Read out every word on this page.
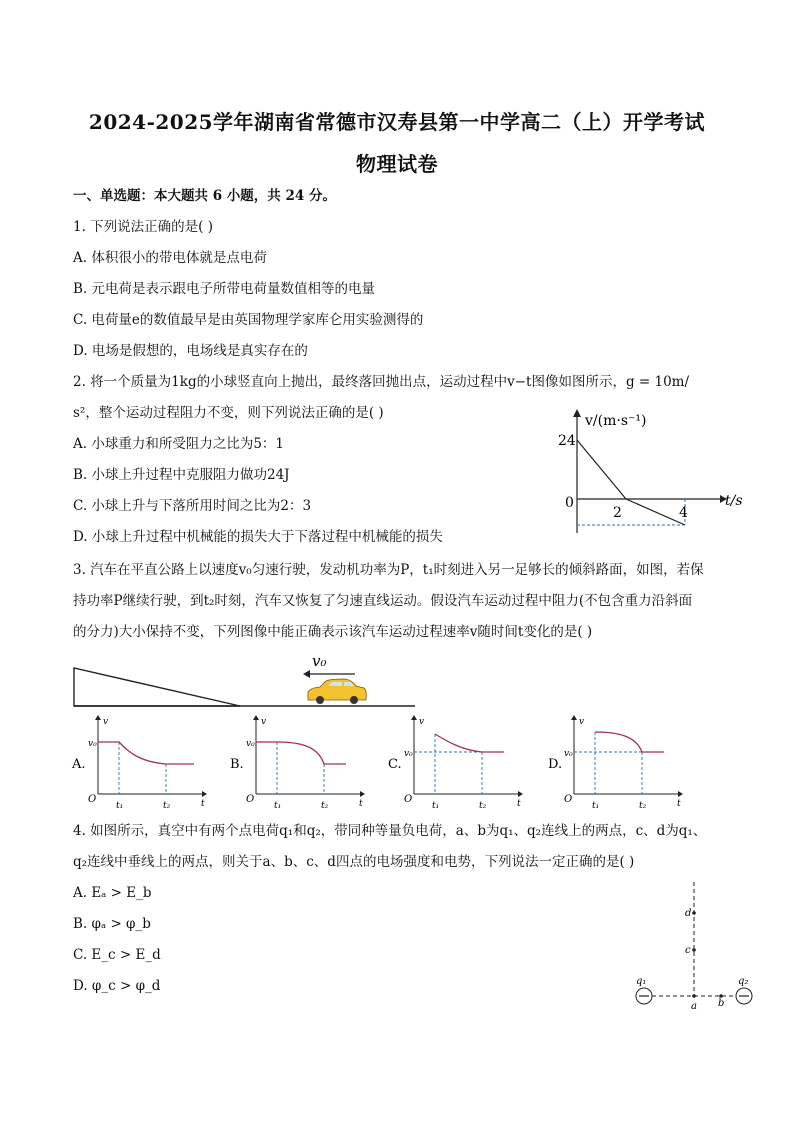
2024-2025学年湖南省常德市汉寿县第一中学高二（上）开学考试
物理试卷
一、单选题：本大题共 6 小题，共 24 分。
1. 下列说法正确的是( )
A. 体积很小的带电体就是点电荷
B. 元电荷是表示跟电子所带电荷量数值相等的电量
C. 电荷量e的数值最早是由英国物理学家库仑用实验测得的
D. 电场是假想的，电场线是真实存在的
2. 将一个质量为1kg的小球竖直向上抛出，最终落回抛出点，运动过程中v−t图像如图所示，g = 10m/
s²，整个运动过程阻力不变，则下列说法正确的是( )
A. 小球重力和所受阻力之比为5：1
B. 小球上升过程中克服阻力做功24J
C. 小球上升与下落所用时间之比为2：3
D. 小球上升过程中机械能的损失大于下落过程中机械能的损失
v/(m·s⁻¹)
t/s
24
0
2	4
3. 汽车在平直公路上以速度v₀匀速行驶，发动机功率为P，t₁时刻进入另一足够长的倾斜路面，如图，若保
持功率P继续行驶，到t₂时刻，汽车又恢复了匀速直线运动。假设汽车运动过程中阻力(不包含重力沿斜面
的分力)大小保持不变，下列图像中能正确表示该汽车运动过程速率v随时间t变化的是( )
v₀
A.
v
v₀
O
t₁	t₂	t
B.
v
v₀
O
t₁	t₂	t
C.
v
v₀
O
t₁	t₂	t
D.
v
v₀
O
t₁	t₂	t
4. 如图所示，真空中有两个点电荷q₁和q₂，带同种等量负电荷，a、b为q₁、q₂连线上的两点，c、d为q₁、
q₂连线中垂线上的两点，则关于a、b、c、d四点的电场强度和电势，下列说法一定正确的是( )
A. Eₐ > E_b
B. φₐ > φ_b
C. E_c > E_d
D. φ_c > φ_d	q₁	q₂
a b
c
d
